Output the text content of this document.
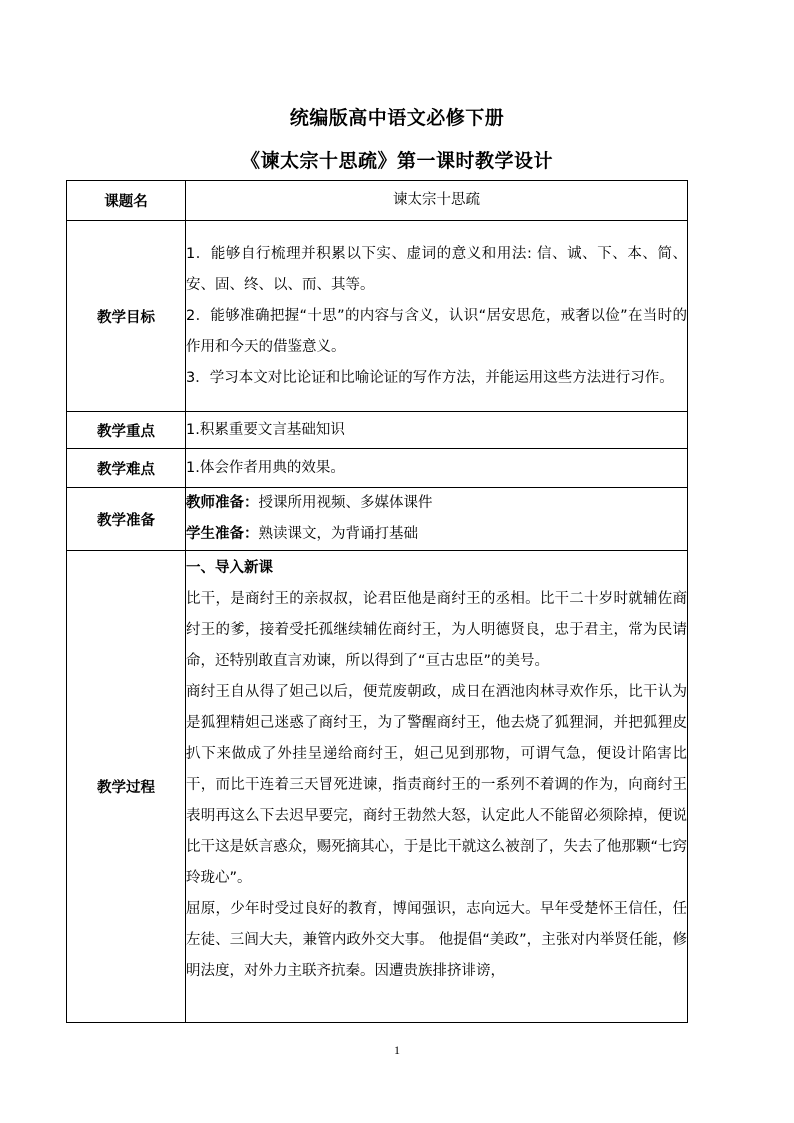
统编版高中语文必修下册
《谏太宗十思疏》第一课时教学设计
课题名	谏太宗十思疏
教学目标	1．能够自行梳理并积累以下实、虚词的意义和用法: 信、诚、下、本、简、安、固、终、以、而、其等。
2．能够准确把握“十思”的内容与含义，认识“居安思危，戒奢以俭”在当时的作用和今天的借鉴意义。
3．学习本文对比论证和比喻论证的写作方法，并能运用这些方法进行习作。

教学重点	1.积累重要文言基础知识
教学难点	1.体会作者用典的效果。
教学准备	教师准备：授课所用视频、多媒体课件
学生准备：熟读课文，为背诵打基础

教学过程	一、导入新课
比干，是商纣王的亲叔叔，论君臣他是商纣王的丞相。比干二十岁时就辅佐商纣王的爹，接着受托孤继续辅佐商纣王，为人明德贤良，忠于君主，常为民请命，还特别敢直言劝谏，所以得到了“亘古忠臣”的美号。
商纣王自从得了妲己以后，便荒废朝政，成日在酒池肉林寻欢作乐，比干认为是狐狸精妲己迷惑了商纣王，为了警醒商纣王，他去烧了狐狸洞，并把狐狸皮扒下来做成了外挂呈递给商纣王，妲己见到那物，可谓气急，便设计陷害比干，而比干连着三天冒死进谏，指责商纣王的一系列不着调的作为，向商纣王表明再这么下去迟早要完，商纣王勃然大怒，认定此人不能留必须除掉，便说比干这是妖言惑众，赐死摘其心，于是比干就这么被剖了，失去了他那颗“七窍玲珑心”。
屈原，少年时受过良好的教育，博闻强识，志向远大。早年受楚怀王信任，任左徒、三闾大夫，兼管内政外交大事。 他提倡“美政”，主张对内举贤任能，修明法度，对外力主联齐抗秦。因遭贵族排挤诽谤，
1
